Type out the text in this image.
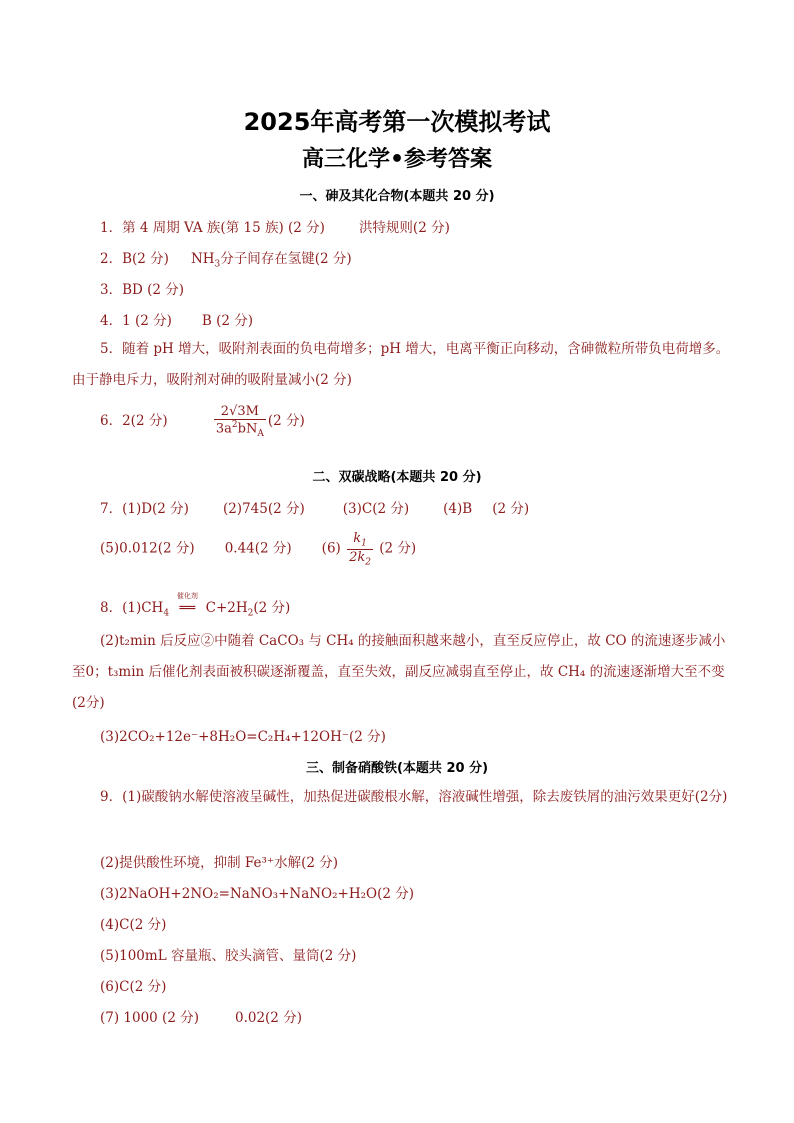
2025年高考第一次模拟考试
高三化学•参考答案
一、砷及其化合物(本题共 20 分)
1．第 4 周期 VA 族(第 15 族) (2 分)	洪特规则(2 分)
2．B(2 分) $NH_3$分子间存在氢键(2 分)
3．BD (2 分)
4．1 (2 分) B (2 分)
5．随着 pH 增大，吸附剂表面的负电荷增多；pH 增大，电离平衡正向移动，含砷微粒所带负电荷增多。由于静电斥力，吸附剂对砷的吸附量减小(2 分)
6．2(2 分)	$\frac{2√3M}{3a^2bN_A} (2$ 分)
二、双碳战略(本题共 20 分)
7．(1)D(2 分)	(2)745(2 分)	(3)C(2 分)	(4)B (2 分)
(5)0.012(2 分) 0.44(2 分) $(6) \frac{k_1}{2k_2} (2$ 分)
8．$(1)CH_4$
催化剂
══ $C+2H_2(2$ 分)
(2)t₂min 后反应②中随着 CaCO₃ 与 CH₄ 的接触面积越来越小，直至反应停止，故 CO 的流速逐步减小至0；t₃min 后催化剂表面被积碳逐渐覆盖，直至失效，副反应减弱直至停止，故 CH₄ 的流速逐渐增大至不变(2分)
(3)2CO₂+12e⁻+8H₂O=C₂H₄+12OH⁻(2 分)
三、制备硝酸铁(本题共 20 分)
9．(1)碳酸钠水解使溶液呈碱性，加热促进碳酸根水解，溶液碱性增强，除去废铁屑的油污效果更好(2分)
(2)提供酸性环境，抑制 Fe³⁺水解(2 分)
(3)2NaOH+2NO₂=NaNO₃+NaNO₂+H₂O(2 分)
(4)C(2 分)
(5)100mL 容量瓶、胶头滴管、量筒(2 分)
(6)C(2 分)
(7) 1000 (2 分)	0.02(2 分)
